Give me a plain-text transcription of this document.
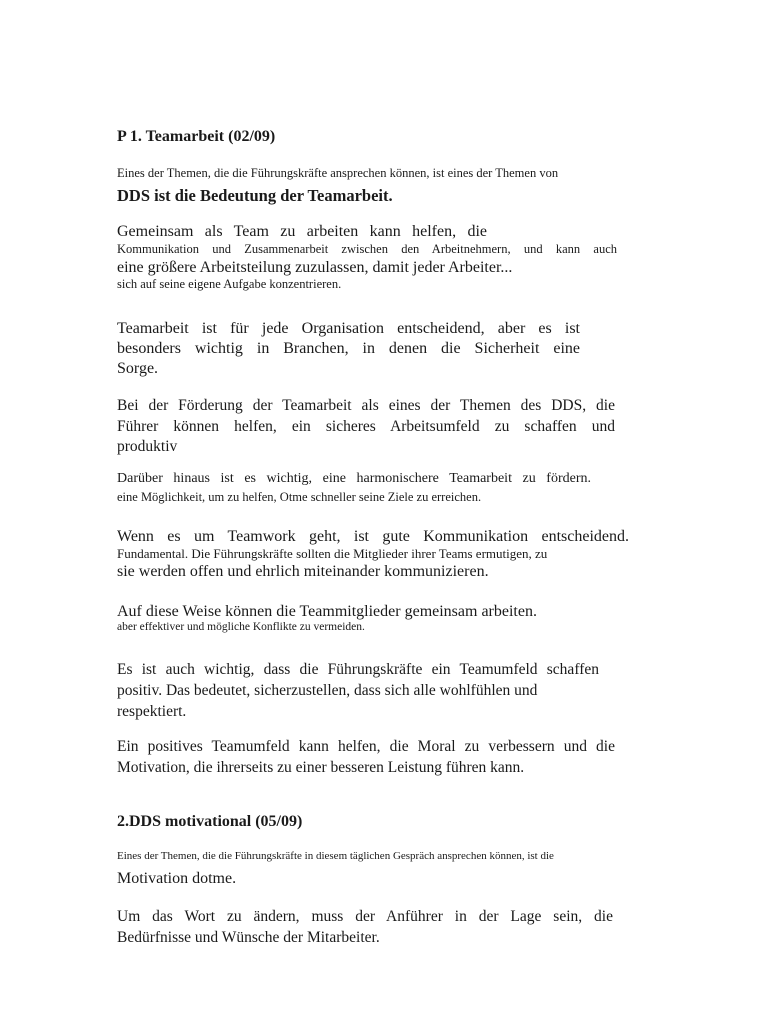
P 1. Teamarbeit (02/09)
Eines der Themen, die die Führungskräfte ansprechen können, ist eines der Themen von
DDS ist die Bedeutung der Teamarbeit.
Gemeinsam als Team zu arbeiten kann helfen, die
Kommunikation und Zusammenarbeit zwischen den Arbeitnehmern, und kann auch
eine größere Arbeitsteilung zuzulassen, damit jeder Arbeiter...
sich auf seine eigene Aufgabe konzentrieren.
Teamarbeit ist für jede Organisation entscheidend, aber es ist
besonders wichtig in Branchen, in denen die Sicherheit eine
Sorge.
Bei der Förderung der Teamarbeit als eines der Themen des DDS, die
Führer können helfen, ein sicheres Arbeitsumfeld zu schaffen und
produktiv
Darüber hinaus ist es wichtig, eine harmonischere Teamarbeit zu fördern.
eine Möglichkeit, um zu helfen, Otme schneller seine Ziele zu erreichen.
Wenn es um Teamwork geht, ist gute Kommunikation entscheidend.
Fundamental. Die Führungskräfte sollten die Mitglieder ihrer Teams ermutigen, zu
sie werden offen und ehrlich miteinander kommunizieren.
Auf diese Weise können die Teammitglieder gemeinsam arbeiten.
aber effektiver und mögliche Konflikte zu vermeiden.
Es ist auch wichtig, dass die Führungskräfte ein Teamumfeld schaffen
positiv. Das bedeutet, sicherzustellen, dass sich alle wohlfühlen und
respektiert.
Ein positives Teamumfeld kann helfen, die Moral zu verbessern und die
Motivation, die ihrerseits zu einer besseren Leistung führen kann.
2.DDS motivational (05/09)
Eines der Themen, die die Führungskräfte in diesem täglichen Gespräch ansprechen können, ist die
Motivation dotme.
Um das Wort zu ändern, muss der Anführer in der Lage sein, die
Bedürfnisse und Wünsche der Mitarbeiter.
